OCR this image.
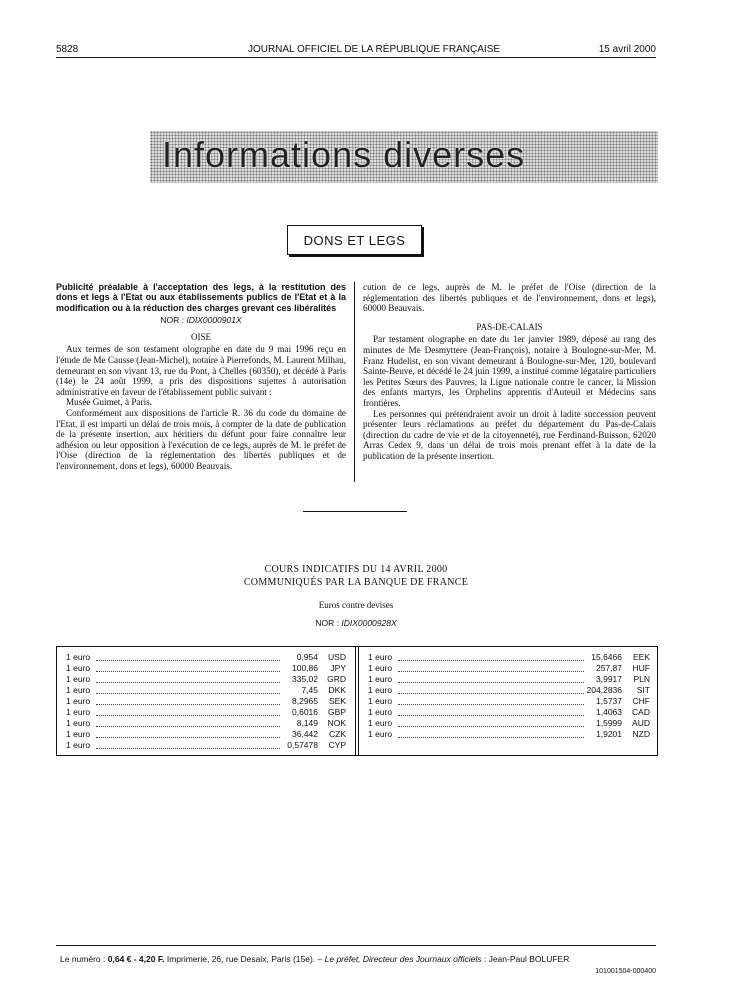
5828	JOURNAL OFFICIEL DE LA RÉPUBLIQUE FRANÇAISE	15 avril 2000
Informations diverses
DONS ET LEGS

Publicité préalable à l'acceptation des legs, à la restitution des dons et legs à l'Etat ou aux établissements publics de l'Etat et à la modification ou à la réduction des charges grevant ces libéralités

NOR : IDIX0000901X
OISE

Aux termes de son testament olographe en date du 9 mai 1996 reçu en l'étude de Me Causse (Jean-Michel), notaire à Pierrefonds, M. Laurent Milhau, demeurant en son vivant 13, rue du Pont, à Chelles (60350), et décédé à Paris (14e) le 24 août 1999, a pris des dispositions sujettes à autorisation administrative en faveur de l'établissement public suivant :

Musée Guimet, à Paris.

Conformément aux dispositions de l'article R. 36 du code du domaine de l'Etat, il est imparti un délai de trois mois, à compter de la date de publication de la présente insertion, aux héritiers du défunt pour faire connaître leur adhésion ou leur opposition à l'exécution de ce legs, auprès de M. le préfet de l'Oise (direction de la réglementation des libertés publiques et de l'environnement, dons et legs), 60000 Beauvais.

cution de ce legs, auprès de M. le préfet de l'Oise (direction de la réglementation des libertés publiques et de l'environnement, dons et legs), 60000 Beauvais.

PAS-DE-CALAIS

Par testament olographe en date du 1er janvier 1989, déposé au rang des minutes de Me Desmyttere (Jean-François), notaire à Boulogne-sur-Mer, M. Franz Hudelist, en son vivant demeurant à Boulogne-sur-Mer, 120, boulevard Sainte-Beuve, et décédé le 24 juin 1999, a institué comme légataire particuliers les Petites Sœurs des Pauvres, la Ligue nationale contre le cancer, la Mission des enfants martyrs, les Orphelins apprentis d'Auteuil et Médecins sans frontières.

Les personnes qui prétendraient avoir un droit à ladite succession peuvent présenter leurs réclamations au préfet du département du Pas-de-Calais (direction du cadre de vie et de la citoyenneté), rue Ferdinand-Buisson, 62020 Arras Cedex 9, dans un délai de trois mois prenant effet à la date de la publication de la présente insertion.

COURS INDICATIFS DU 14 AVRIL 2000
COMMUNIQUÉS PAR LA BANQUE DE FRANCE
Euros contre devises
NOR : IDIX0000928X
1 euro	0,954 USD
1 euro	100,86 JPY
1 euro	335,02 GRD
1 euro	7,45 DKK
1 euro	8,2965 SEK
1 euro	0,6016 GBP
1 euro	8,149 NOK
1 euro	36,442 CZK
1 euro	0,57478 CYP
1 euro	15,6466 EEK
1 euro	257,87 HUF
1 euro	3,9917 PLN
1 euro	204,2836 SIT
1 euro	1,5737 CHF
1 euro	1,4063 CAD
1 euro	1,5999 AUD
1 euro	1,9201 NZD
Le numéro : 0,64 € - 4,20 F. Imprimerie, 26, rue Desaix, Paris (15e). – Le préfet, Directeur des Journaux officiels : Jean-Paul BOLUFER
101001504-000400
